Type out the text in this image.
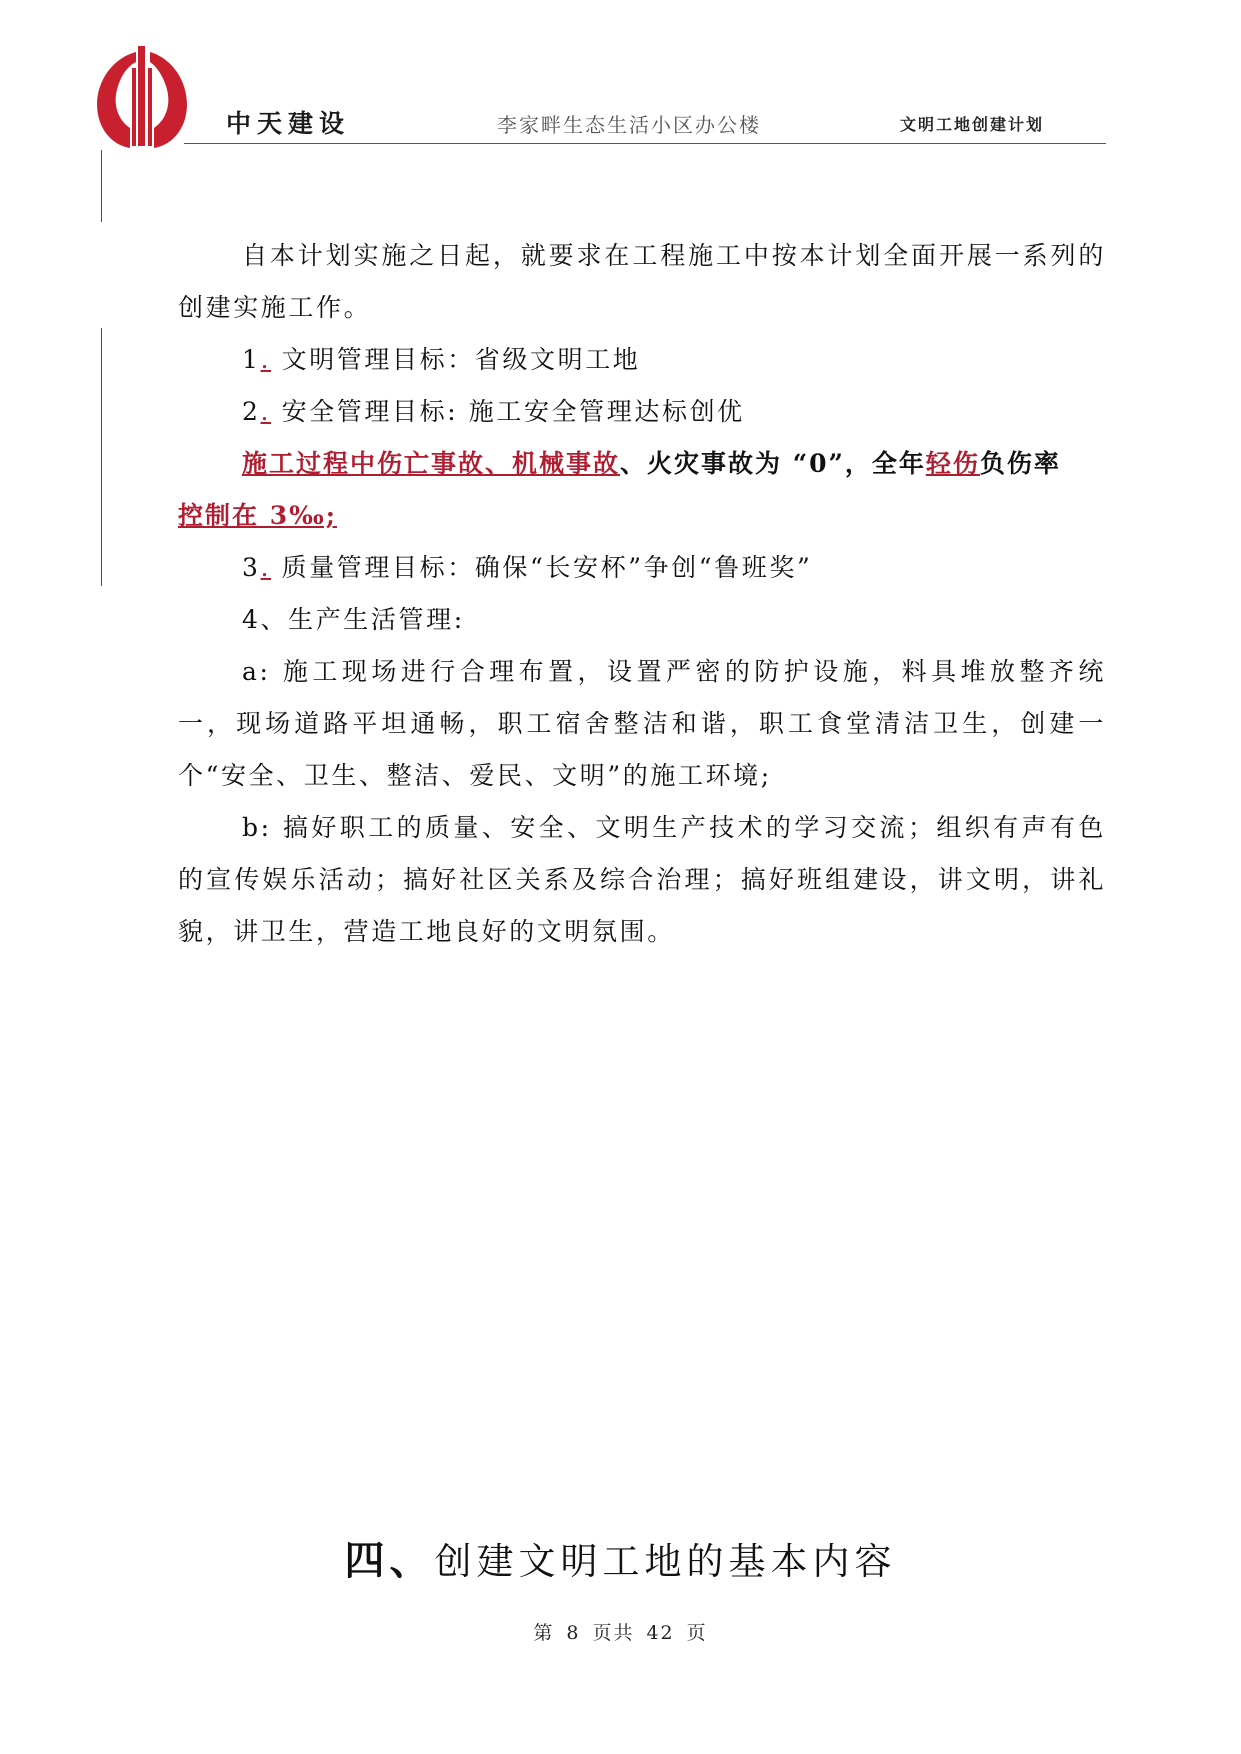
中天建设	李家畔生态生活小区办公楼	文明工地创建计划

自本计划实施之日起，就要求在工程施工中按本计划全面开展一系列的创建实施工作。

1. 文明管理目标：省级文明工地

2. 安全管理目标: 施工安全管理达标创优

施工过程中伤亡事故、机械事故、火灾事故为 “0”，全年轻伤负伤率
控制在 3‰;

3. 质量管理目标：确保“长安杯”争创“鲁班奖”

4、生产生活管理:

a: 施工现场进行合理布置，设置严密的防护设施，料具堆放整齐统一，现场道路平坦通畅，职工宿舍整洁和谐，职工食堂清洁卫生，创建一个“安全、卫生、整洁、爱民、文明”的施工环境;

b: 搞好职工的质量、安全、文明生产技术的学习交流；组织有声有色的宣传娱乐活动；搞好社区关系及综合治理；搞好班组建设，讲文明，讲礼貌，讲卫生，营造工地良好的文明氛围。

四、创建文明工地的基本内容
第 8 页共 42 页
